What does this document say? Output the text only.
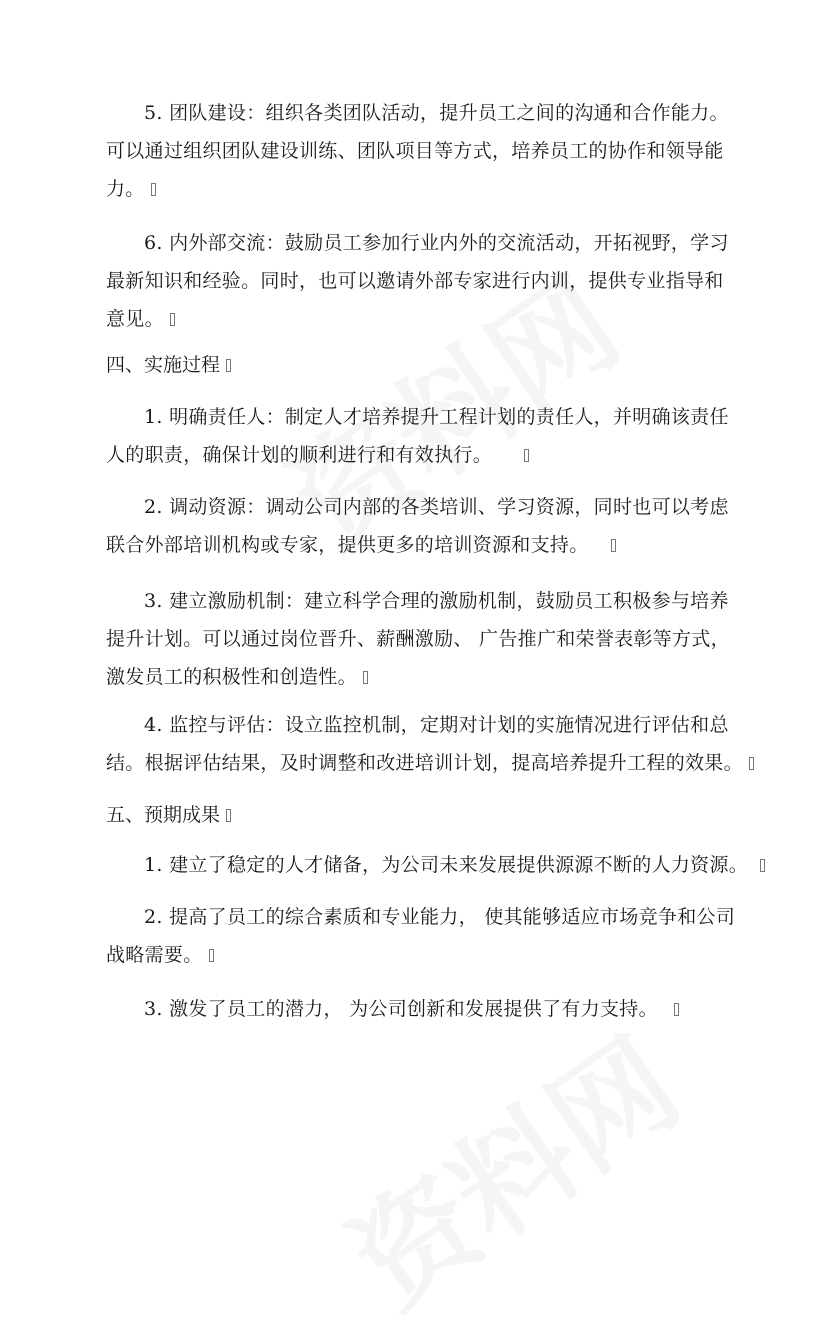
5. 团队建设：组织各类团队活动，提升员工之间的沟通和合作能力。
可以通过组织团队建设训练、团队项目等方式，培养员工的协作和领导能
力。
6. 内外部交流：鼓励员工参加行业内外的交流活动，开拓视野，学习
最新知识和经验。同时，也可以邀请外部专家进行内训，提供专业指导和
意见。
四、实施过程
1. 明确责任人：制定人才培养提升工程计划的责任人，并明确该责任
人的职责，确保计划的顺利进行和有效执行。
2. 调动资源：调动公司内部的各类培训、学习资源，同时也可以考虑
联合外部培训机构或专家，提供更多的培训资源和支持。
3. 建立激励机制：建立科学合理的激励机制，鼓励员工积极参与培养
提升计划。可以通过岗位晋升、薪酬激励、 广告推广和荣誉表彰等方式，
激发员工的积极性和创造性。
4. 监控与评估：设立监控机制，定期对计划的实施情况进行评估和总
结。根据评估结果，及时调整和改进培训计划，提高培养提升工程的效果。
五、预期成果
1. 建立了稳定的人才储备，为公司未来发展提供源源不断的人力资源。
2. 提高了员工的综合素质和专业能力， 使其能够适应市场竞争和公司
战略需要。
3. 激发了员工的潜力， 为公司创新和发展提供了有力支持。
